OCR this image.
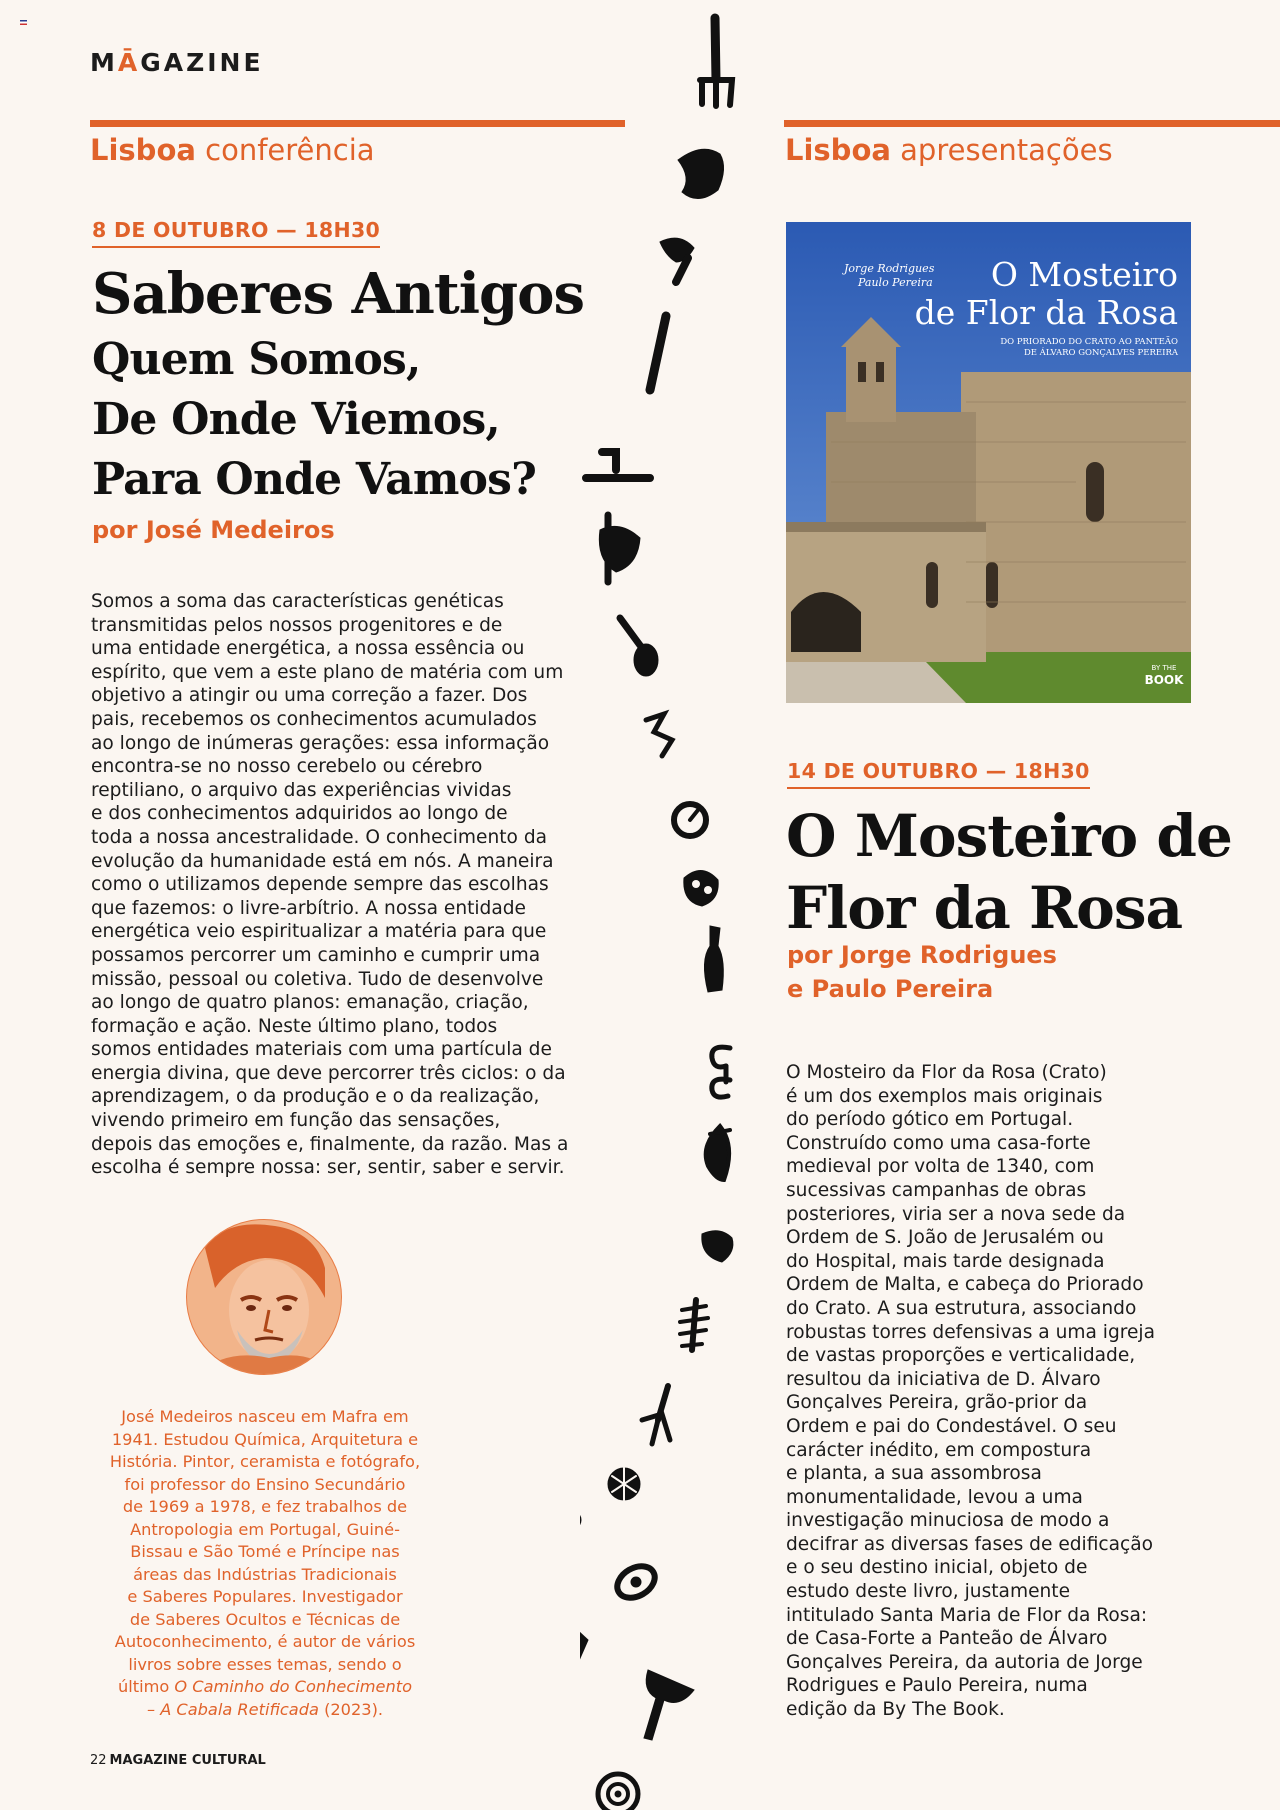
MĀGAZINE
Lisboa conferência
8 DE OUTUBRO — 18H30
Saberes Antigos
Quem Somos,
De Onde Viemos,
Para Onde Vamos?
por José Medeiros
Somos a soma das características genéticas
transmitidas pelos nossos progenitores e de
uma entidade energética, a nossa essência ou
espírito, que vem a este plano de matéria com um
objetivo a atingir ou uma correção a fazer. Dos
pais, recebemos os conhecimentos acumulados
ao longo de inúmeras gerações: essa informação
encontra-se no nosso cerebelo ou cérebro
reptiliano, o arquivo das experiências vividas
e dos conhecimentos adquiridos ao longo de
toda a nossa ancestralidade. O conhecimento da
evolução da humanidade está em nós. A maneira
como o utilizamos depende sempre das escolhas
que fazemos: o livre-arbítrio. A nossa entidade
energética veio espiritualizar a matéria para que
possamos percorrer um caminho e cumprir uma
missão, pessoal ou coletiva. Tudo de desenvolve
ao longo de quatro planos: emanação, criação,
formação e ação. Neste último plano, todos
somos entidades materiais com uma partícula de
energia divina, que deve percorrer três ciclos: o da
aprendizagem, o da produção e o da realização,
vivendo primeiro em função das sensações,
depois das emoções e, finalmente, da razão. Mas a
escolha é sempre nossa: ser, sentir, saber e servir.
José Medeiros nasceu em Mafra em
1941. Estudou Química, Arquitetura e
História. Pintor, ceramista e fotógrafo,
foi professor do Ensino Secundário
de 1969 a 1978, e fez trabalhos de
Antropologia em Portugal, Guiné-
Bissau e São Tomé e Príncipe nas
áreas das Indústrias Tradicionais
e Saberes Populares. Investigador
de Saberes Ocultos e Técnicas de
Autoconhecimento, é autor de vários
livros sobre esses temas, sendo o
último O Caminho do Conhecimento
– A Cabala Retificada (2023).
Lisboa apresentações
Jorge Rodrigues
Paulo Pereira O Mosteiro
de Flor da Rosa
DO PRIORADO DO CRATO AO PANTEÃO
DE ÁLVARO GONÇALVES PEREIRA
BY THE
BOOK
14 DE OUTUBRO — 18H30
O Mosteiro de
Flor da Rosa
por Jorge Rodrigues
e Paulo Pereira
O Mosteiro da Flor da Rosa (Crato)
é um dos exemplos mais originais
do período gótico em Portugal.
Construído como uma casa-forte
medieval por volta de 1340, com
sucessivas campanhas de obras
posteriores, viria ser a nova sede da
Ordem de S. João de Jerusalém ou
do Hospital, mais tarde designada
Ordem de Malta, e cabeça do Priorado
do Crato. A sua estrutura, associando
robustas torres defensivas a uma igreja
de vastas proporções e verticalidade,
resultou da iniciativa de D. Álvaro
Gonçalves Pereira, grão-prior da
Ordem e pai do Condestável. O seu
carácter inédito, em compostura
e planta, a sua assombrosa
monumentalidade, levou a uma
investigação minuciosa de modo a
decifrar as diversas fases de edificação
e o seu destino inicial, objeto de
estudo deste livro, justamente
intitulado Santa Maria de Flor da Rosa:
de Casa-Forte a Panteão de Álvaro
Gonçalves Pereira, da autoria de Jorge
Rodrigues e Paulo Pereira, numa
edição da By The Book.
22 MAGAZINE CULTURAL
